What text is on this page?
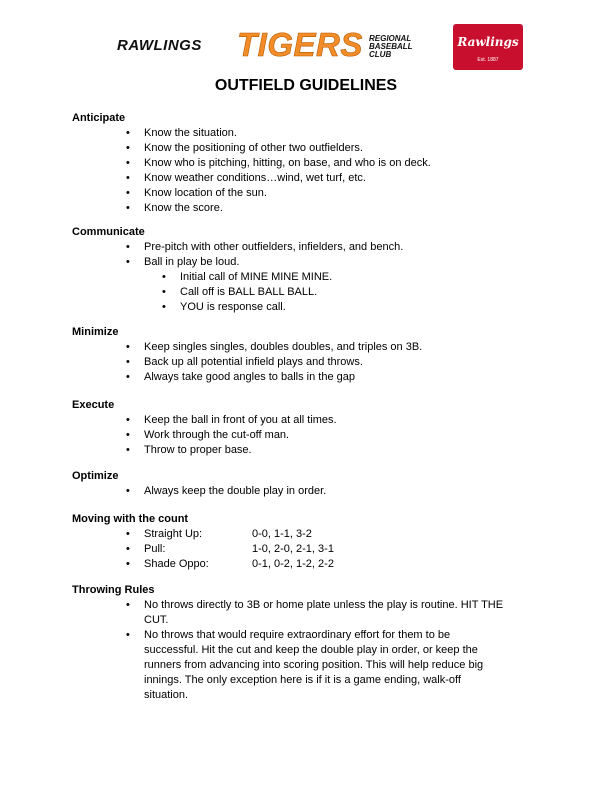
RAWLINGS TIGERS REGIONAL
BASEBALL
CLUB
Rawlings
Est. 1887
OUTFIELD GUIDELINES
Anticipate
• Know the situation.
• Know the positioning of other two outfielders.
• Know who is pitching, hitting, on base, and who is on deck.
• Know weather conditions…wind, wet turf, etc.
• Know location of the sun.
• Know the score.
Communicate
• Pre-pitch with other outfielders, infielders, and bench.
• Ball in play be loud.
• Initial call of MINE MINE MINE.
• Call off is BALL BALL BALL.
• YOU is response call.
Minimize
• Keep singles singles, doubles doubles, and triples on 3B.
• Back up all potential infield plays and throws.
• Always take good angles to balls in the gap
Execute
• Keep the ball in front of you at all times.
• Work through the cut-off man.
• Throw to proper base.
Optimize
• Always keep the double play in order.
Moving with the count
• Straight Up:	0-0, 1-1, 3-2
• Pull:	1-0, 2-0, 2-1, 3-1
• Shade Oppo:	0-1, 0-2, 1-2, 2-2
Throwing Rules
• No throws directly to 3B or home plate unless the play is routine. HIT THE
CUT.
• No throws that would require extraordinary effort for them to be
successful. Hit the cut and keep the double play in order, or keep the
runners from advancing into scoring position. This will help reduce big
innings. The only exception here is if it is a game ending, walk-off
situation.
